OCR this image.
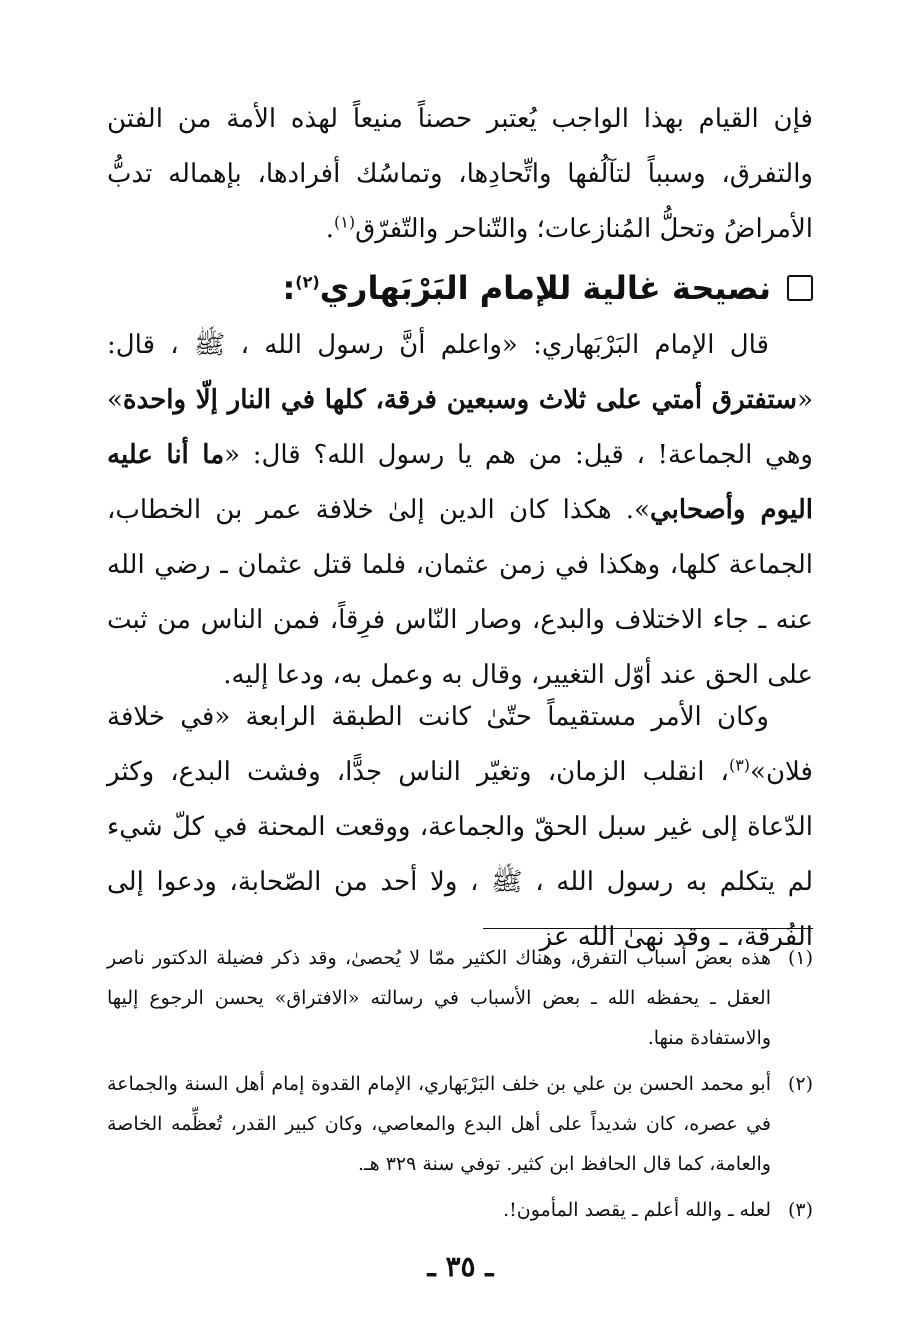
فإن القيام بهذا الواجب يُعتبر حصناً منيعاً لهذه الأمة من الفتن والتفرق، وسبباً لتآلُفها واتِّحادِها، وتماسُك أفرادها، بإهماله تدبُّ الأمراضُ وتحلُّ المُنازعات؛ والتّناحر والتّفرّق$^{(١)}$.

نصيحة غالية للإمام البَرْبَهاري$^{(٢)}$:

قال الإمام البَرْبَهاري: «واعلم أنَّ رسول الله ، ﷺ ، قال: «ستفترق أمتي على ثلاث وسبعين فرقة، كلها في النار إلّا واحدة» وهي الجماعة! ، قيل: من هم يا رسول الله؟ قال: «ما أنا عليه اليوم وأصحابي». هكذا كان الدين إلىٰ خلافة عمر بن الخطاب، الجماعة كلها، وهكذا في زمن عثمان، فلما قتل عثمان ـ رضي الله عنه ـ جاء الاختلاف والبدع، وصار النّاس فرِقاً، فمن الناس من ثبت على الحق عند أوّل التغيير، وقال به وعمل به، ودعا إليه.

وكان الأمر مستقيماً حتّىٰ كانت الطبقة الرابعة «في خلافة فلان»$^{(٣)}$، انقلب الزمان، وتغيّر الناس جدًّا، وفشت البدع، وكثر الدّعاة إلى غير سبل الحقّ والجماعة، ووقعت المحنة في كلّ شيء لم يتكلم به رسول الله ، ﷺ ، ولا أحد من الصّحابة، ودعوا إلى الفُرقة، ـ وقد نهىٰ الله عز

(١)
هذه بعض أسباب التفرق، وهناك الكثير ممّا لا يُحصىٰ، وقد ذكر فضيلة الدكتور ناصر العقل ـ يحفظه الله ـ بعض الأسباب في رسالته «الافتراق» يحسن الرجوع إليها والاستفادة منها.
(٢)
أبو محمد الحسن بن علي بن خلف البَرْبَهاري، الإمام القدوة إمام أهل السنة والجماعة في عصره، كان شديداً على أهل البدع والمعاصي، وكان كبير القدر، تُعظِّمه الخاصة والعامة، كما قال الحافظ ابن كثير. توفي سنة ٣٢٩ هـ.
(٣)
لعله ـ والله أعلم ـ يقصد المأمون!.
ـ ٣٥ ـ
